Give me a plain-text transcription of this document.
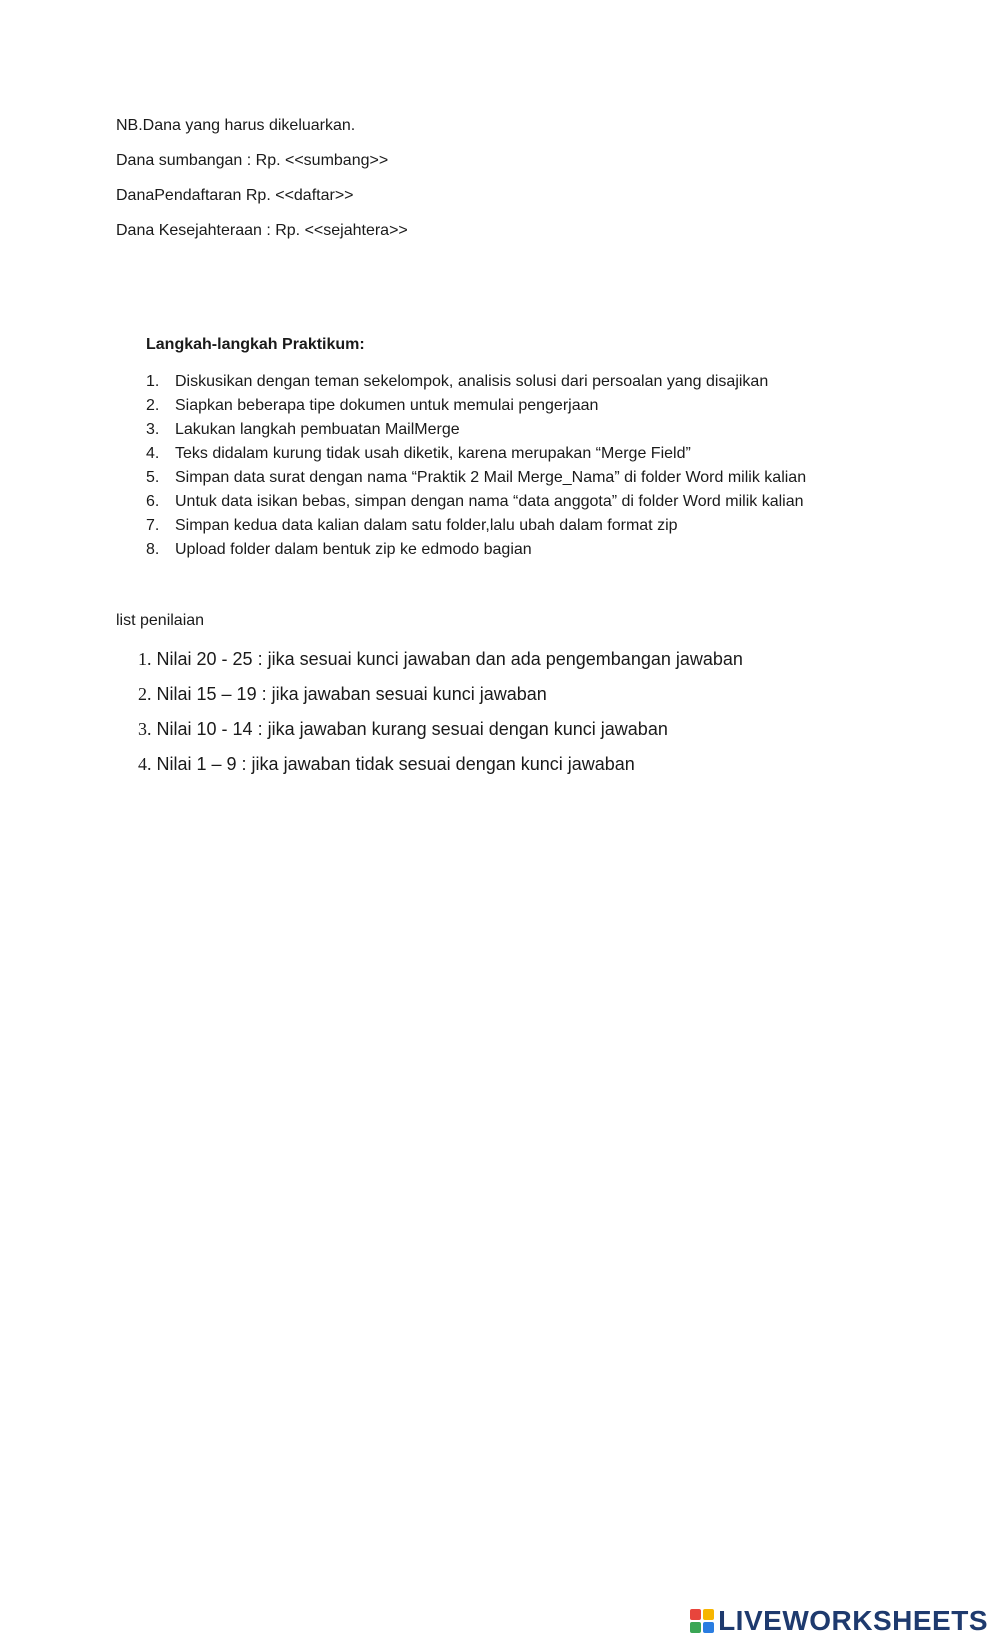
NB.Dana yang harus dikeluarkan.
Dana sumbangan : Rp. <<sumbang>>
DanaPendaftaran Rp. <<daftar>>
Dana Kesejahteraan : Rp. <<sejahtera>>
Langkah-langkah Praktikum:
1. Diskusikan dengan teman sekelompok, analisis solusi dari persoalan yang disajikan
2. Siapkan beberapa tipe dokumen untuk memulai pengerjaan
3. Lakukan langkah pembuatan MailMerge
4. Teks didalam kurung tidak usah diketik, karena merupakan “Merge Field”
5. Simpan data surat dengan nama “Praktik 2 Mail Merge_Nama” di folder Word milik kalian
6. Untuk data isikan bebas, simpan dengan nama “data anggota” di folder Word milik kalian
7. Simpan kedua data kalian dalam satu folder,lalu ubah dalam format zip
8. Upload folder dalam bentuk zip ke edmodo bagian
list penilaian
1. Nilai 20 - 25 : jika sesuai kunci jawaban dan ada pengembangan jawaban
2. Nilai 15 – 19 : jika jawaban sesuai kunci jawaban
3. Nilai 10 - 14 : jika jawaban kurang sesuai dengan kunci jawaban
4. Nilai 1 – 9 : jika jawaban tidak sesuai dengan kunci jawaban
LIVEWORKSHEETS
